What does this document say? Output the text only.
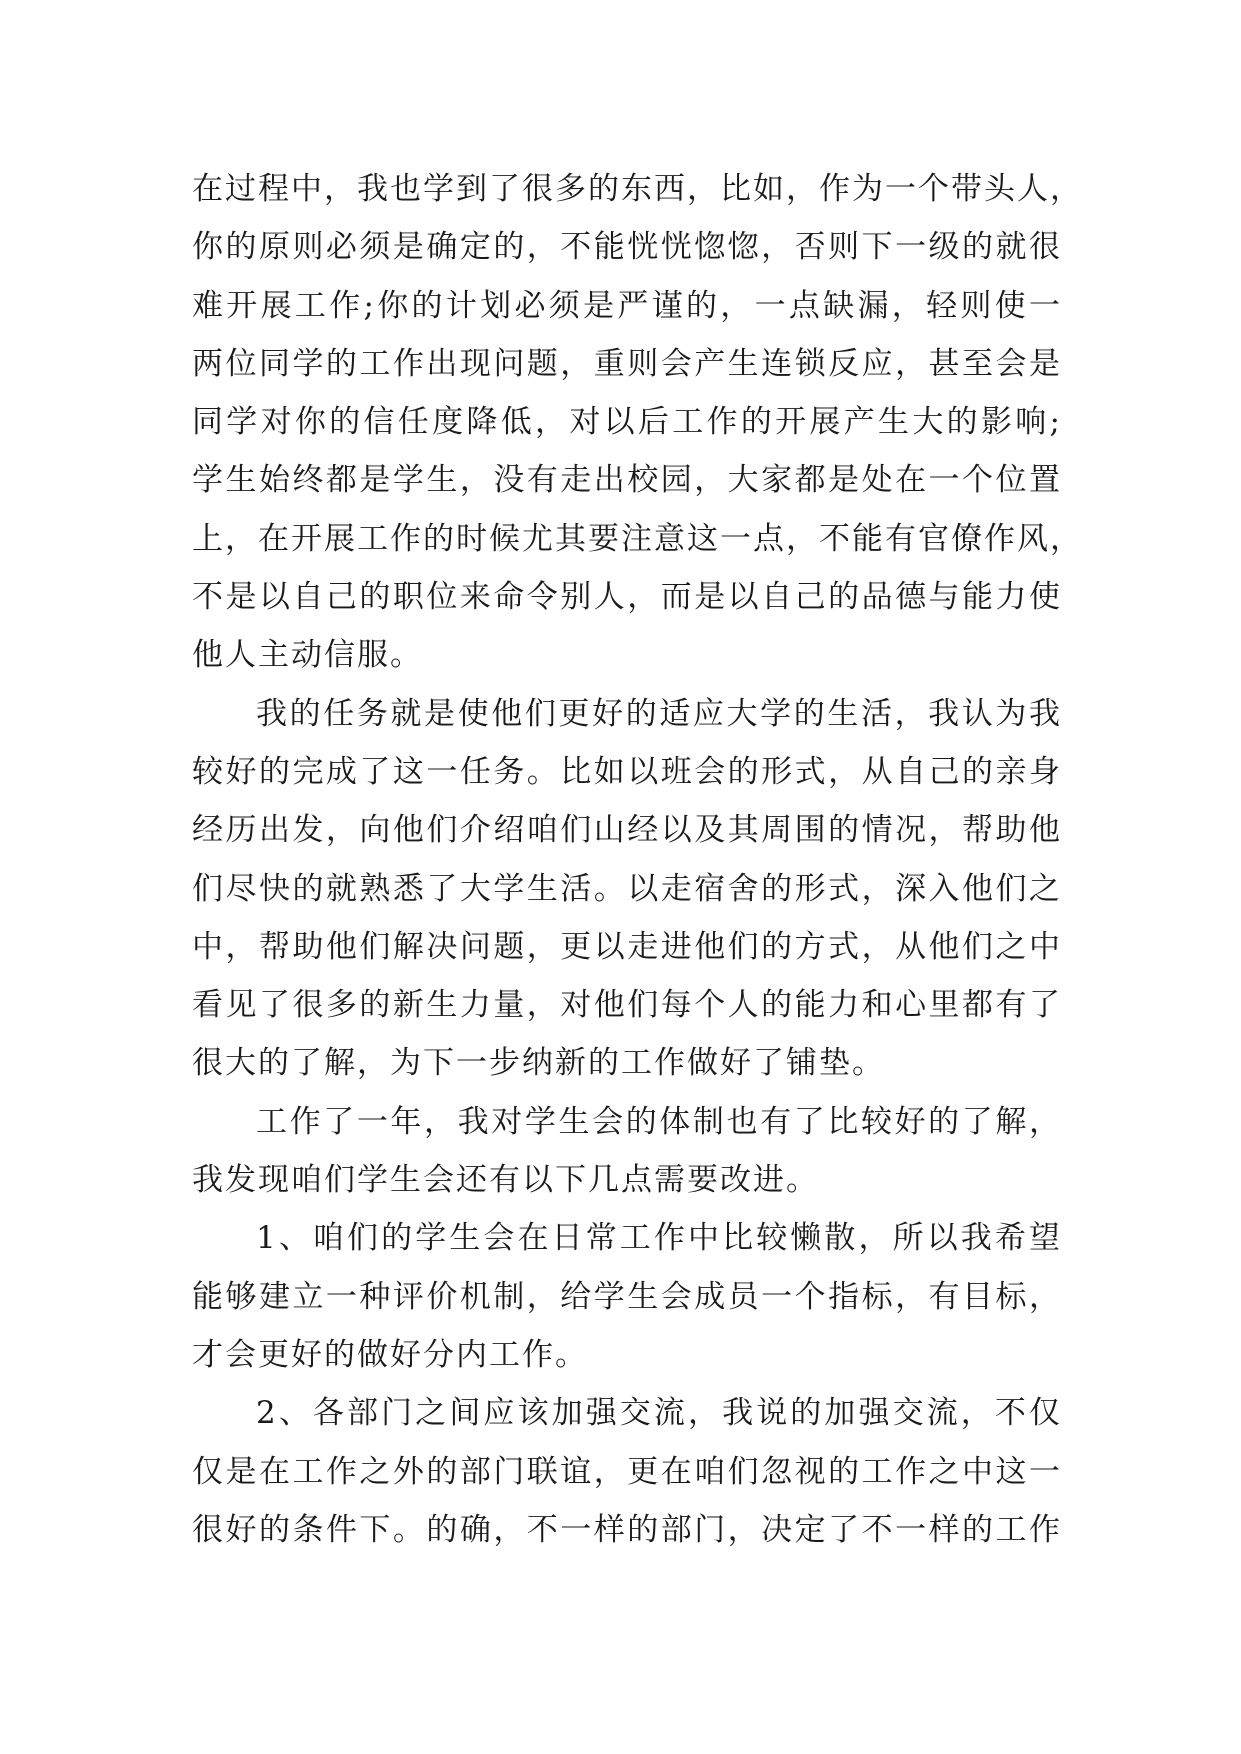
在过程中，我也学到了很多的东西，比如，作为一个带头人，
你的原则必须是确定的，不能恍恍惚惚，否则下一级的就很
难开展工作;你的计划必须是严谨的，一点缺漏，轻则使一
两位同学的工作出现问题，重则会产生连锁反应，甚至会是
同学对你的信任度降低，对以后工作的开展产生大的影响;
学生始终都是学生，没有走出校园，大家都是处在一个位置
上，在开展工作的时候尤其要注意这一点，不能有官僚作风，
不是以自己的职位来命令别人，而是以自己的品德与能力使
他人主动信服。
我的任务就是使他们更好的适应大学的生活，我认为我
较好的完成了这一任务。比如以班会的形式，从自己的亲身
经历出发，向他们介绍咱们山经以及其周围的情况，帮助他
们尽快的就熟悉了大学生活。以走宿舍的形式，深入他们之
中，帮助他们解决问题，更以走进他们的方式，从他们之中
看见了很多的新生力量，对他们每个人的能力和心里都有了
很大的了解，为下一步纳新的工作做好了铺垫。
工作了一年，我对学生会的体制也有了比较好的了解，
我发现咱们学生会还有以下几点需要改进。
1、咱们的学生会在日常工作中比较懒散，所以我希望
能够建立一种评价机制，给学生会成员一个指标，有目标，
才会更好的做好分内工作。
2、各部门之间应该加强交流，我说的加强交流，不仅
仅是在工作之外的部门联谊，更在咱们忽视的工作之中这一
很好的条件下。的确，不一样的部门，决定了不一样的工作
